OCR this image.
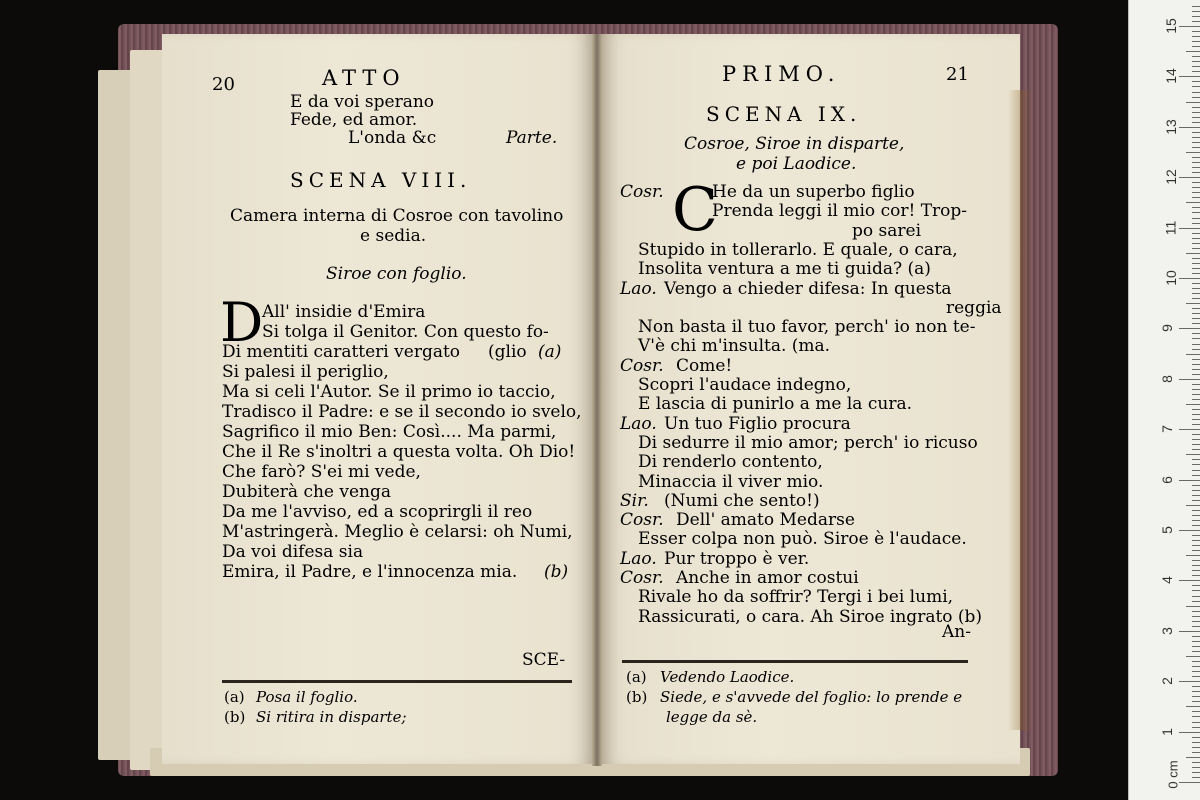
20	ATTO
E da voi sperano
Fede, ed amor.
L'onda &c	Parte.
SCENA VIII.
Camera interna di Cosroe con tavolino
e sedia.
Siroe con foglio.
D
All' insidie d'Emira
Si tolga il Genitor. Con questo fo-
Di mentiti caratteri vergato (glio (a)
Si palesi il periglio,
Ma si celi l'Autor. Se il primo io taccio,
Tradisco il Padre: e se il secondo io svelo,
Sagrifico il mio Ben: Così.... Ma parmi,
Che il Re s'inoltri a questa volta. Oh Dio!
Che farò? S'ei mi vede,
Dubiterà che venga
Da me l'avviso, ed a scoprirgli il reo
M'astringerà. Meglio è celarsi: oh Numi,
Da voi difesa sia
Emira, il Padre, e l'innocenza mia. (b)
SCE-
(a) Posa il foglio.
(b) Si ritira in disparte;
PRIMO.	21
SCENA IX.
Cosroe, Siroe in disparte,
e poi Laodice.
C
Cosr.	He da un superbo figlio
Prenda leggi il mio cor! Trop-
po sarei
Stupido in tollerarlo. E quale, o cara,
Insolita ventura a me ti guida? (a)
Lao. Vengo a chieder difesa: In questa
reggia
Non basta il tuo favor, perch' io non te-
V'è chi m'insulta. (ma.
Cosr. Come!
Scopri l'audace indegno,
E lascia di punirlo a me la cura.
Lao. Un tuo Figlio procura
Di sedurre il mio amor; perch' io ricuso
Di renderlo contento,
Minaccia il viver mio.
Sir. (Numi che sento!)
Cosr. Dell' amato Medarse
Esser colpa non può. Siroe è l'audace.
Lao. Pur troppo è ver.
Cosr. Anche in amor costui
Rivale ho da soffrir? Tergi i bei lumi,
Rassicurati, o cara. Ah Siroe ingrato (b)
An-
(a) Vedendo Laodice.
(b) Siede, e s'avvede del foglio: lo prende e
legge da sè.
1
2
3
4
5
6
7
8
9
10
11
12
13
14
15
0 cm
